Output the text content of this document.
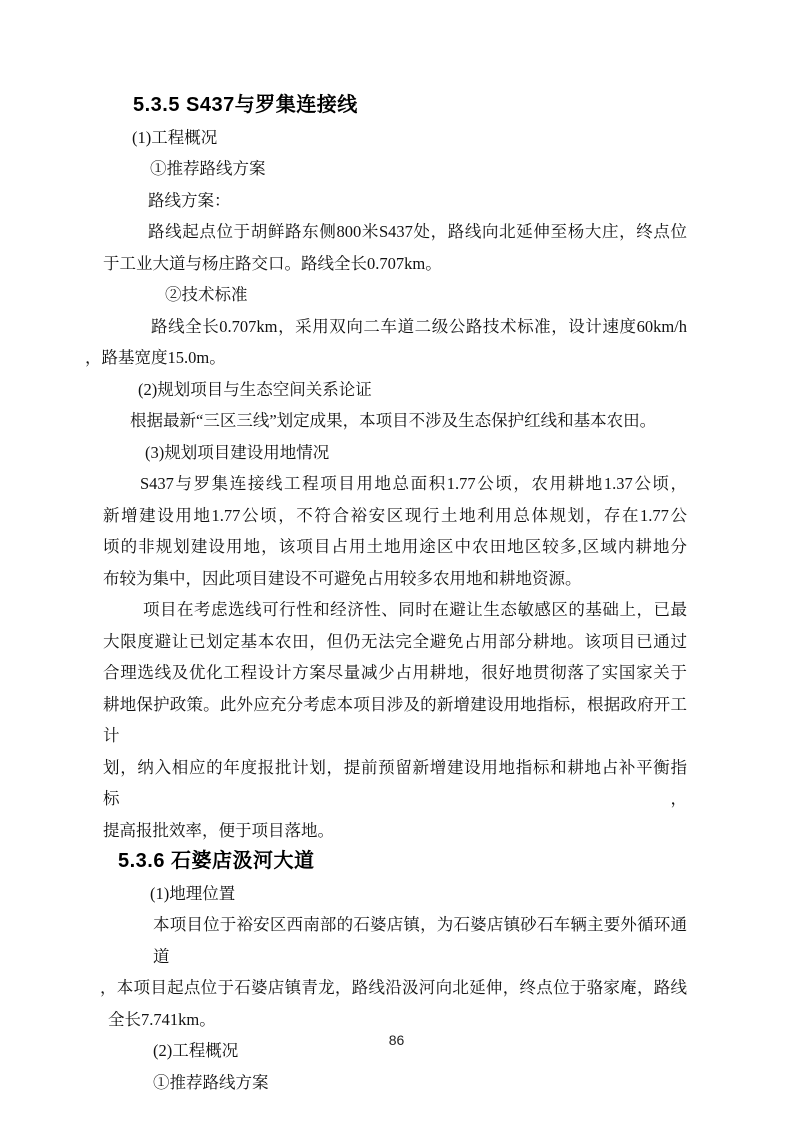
5.3.5 S437与罗集连接线
(1)工程概况
①推荐路线方案
路线方案：
路线起点位于胡鲜路东侧800米S437处，路线向北延伸至杨大庄，终点位
于工业大道与杨庄路交口。路线全长0.707km。
②技术标准
路线全长0.707km，采用双向二车道二级公路技术标准，设计速度60km/h
，路基宽度15.0m。
(2)规划项目与生态空间关系论证
根据最新“三区三线”划定成果，本项目不涉及生态保护红线和基本农田。
(3)规划项目建设用地情况
S437与罗集连接线工程项目用地总面积1.77公顷，农用耕地1.37公顷，
新增建设用地1.77公顷，不符合裕安区现行土地利用总体规划，存在1.77公
顷的非规划建设用地，该项目占用土地用途区中农田地区较多,区域内耕地分
布较为集中，因此项目建设不可避免占用较多农用地和耕地资源。
项目在考虑选线可行性和经济性、同时在避让生态敏感区的基础上，已最
大限度避让已划定基本农田，但仍无法完全避免占用部分耕地。该项目已通过
合理选线及优化工程设计方案尽量减少占用耕地，很好地贯彻落了实国家关于
耕地保护政策。此外应充分考虑本项目涉及的新增建设用地指标，根据政府开工计
划，纳入相应的年度报批计划，提前预留新增建设用地指标和耕地占补平衡指标，
提高报批效率，便于项目落地。
5.3.6 石婆店汲河大道
(1)地理位置
本项目位于裕安区西南部的石婆店镇，为石婆店镇砂石车辆主要外循环通道
，本项目起点位于石婆店镇青龙，路线沿汲河向北延伸，终点位于骆家庵，路线
全长7.741km。
(2)工程概况
①推荐路线方案
86
